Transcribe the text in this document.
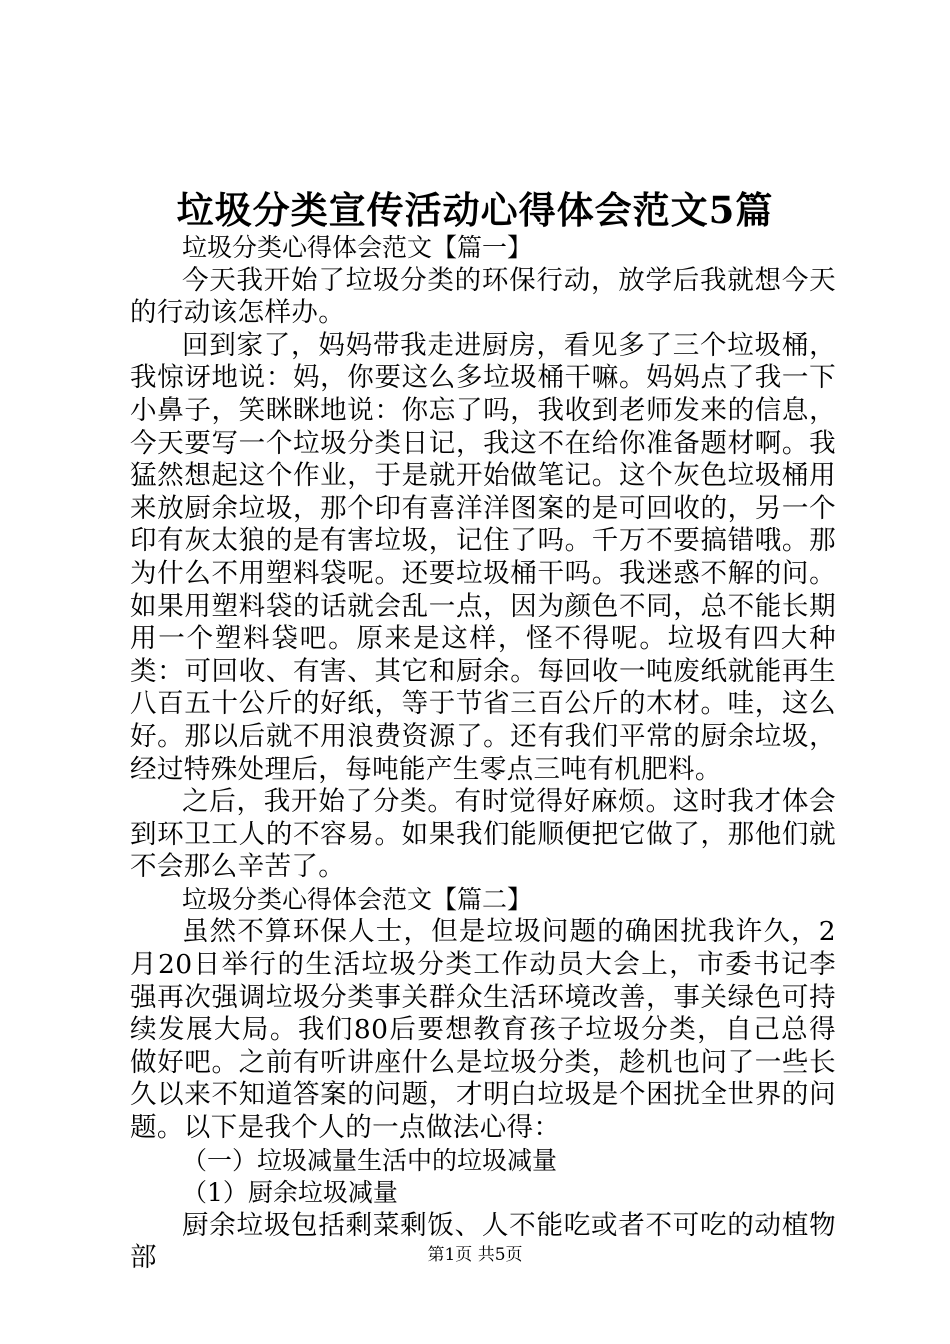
垃圾分类宣传活动心得体会范文5篇

垃圾分类心得体会范文【篇一】

今天我开始了垃圾分类的环保行动，放学后我就想今天的行动该怎样办。

回到家了，妈妈带我走进厨房，看见多了三个垃圾桶，我惊讶地说：妈，你要这么多垃圾桶干嘛。妈妈点了我一下小鼻子，笑眯眯地说：你忘了吗，我收到老师发来的信息，今天要写一个垃圾分类日记，我这不在给你准备题材啊。我猛然想起这个作业，于是就开始做笔记。这个灰色垃圾桶用来放厨余垃圾，那个印有喜洋洋图案的是可回收的，另一个印有灰太狼的是有害垃圾，记住了吗。千万不要搞错哦。那为什么不用塑料袋呢。还要垃圾桶干吗。我迷惑不解的问。如果用塑料袋的话就会乱一点，因为颜色不同，总不能长期用一个塑料袋吧。原来是这样，怪不得呢。垃圾有四大种类：可回收、有害、其它和厨余。每回收一吨废纸就能再生八百五十公斤的好纸，等于节省三百公斤的木材。哇，这么好。那以后就不用浪费资源了。还有我们平常的厨余垃圾，经过特殊处理后，每吨能产生零点三吨有机肥料。

之后，我开始了分类。有时觉得好麻烦。这时我才体会到环卫工人的不容易。如果我们能顺便把它做了，那他们就不会那么辛苦了。

垃圾分类心得体会范文【篇二】

虽然不算环保人士，但是垃圾问题的确困扰我许久，2月20日举行的生活垃圾分类工作动员大会上，市委书记李强再次强调垃圾分类事关群众生活环境改善，事关绿色可持续发展大局。我们80后要想教育孩子垃圾分类，自己总得做好吧。之前有听讲座什么是垃圾分类，趁机也问了一些长久以来不知道答案的问题，才明白垃圾是个困扰全世界的问题。以下是我个人的一点做法心得：

（一）垃圾减量生活中的垃圾减量

（1）厨余垃圾减量

厨余垃圾包括剩菜剩饭、人不能吃或者不可吃的动植物部	第1页 共5页
